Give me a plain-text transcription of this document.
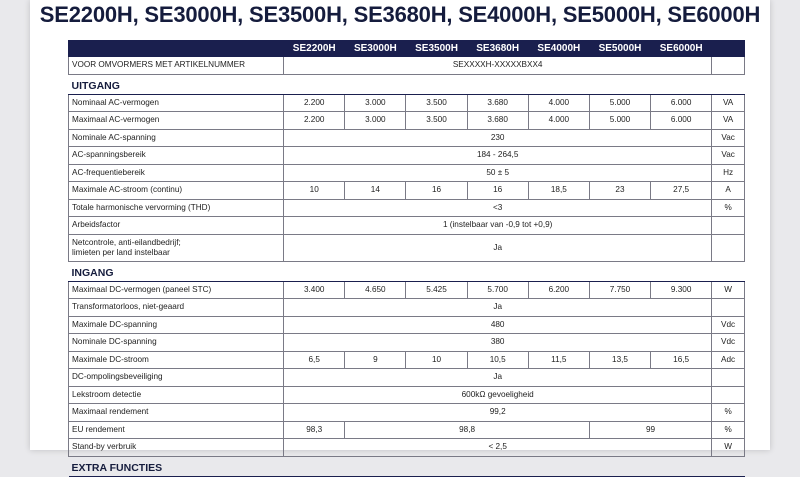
SE2200H, SE3000H, SE3500H, SE3680H, SE4000H, SE5000H, SE6000H
	SE2200H	SE3000H	SE3500H	SE3680H	SE4000H	SE5000H	SE6000H	
VOOR OMVORMERS MET ARTIKELNUMMER	SEXXXXH-XXXXXBXX4							
UITGANG								
Nominaal AC-vermogen	2.200	3.000	3.500	3.680	4.000	5.000	6.000	VA
Maximaal AC-vermogen	2.200	3.000	3.500	3.680	4.000	5.000	6.000	VA
Nominale AC-spanning	230							Vac
AC-spanningsbereik	184 - 264,5							Vac
AC-frequentiebereik	50 ± 5							Hz
Maximale AC-stroom (continu)	10	14	16	16	18,5	23	27,5	A
Totale harmonische vervorming (THD)	<3							%
Arbeidsfactor	1 (instelbaar van -0,9 tot +0,9)							
Netcontrole, anti-eilandbedrijf;
limieten per land instelbaar	Ja							
INGANG								
Maximaal DC-vermogen (paneel STC)	3.400	4.650	5.425	5.700	6.200	7.750	9.300	W
Transformatorloos, niet-geaard	Ja							
Maximale DC-spanning	480							Vdc
Nominale DC-spanning	380							Vdc
Maximale DC-stroom	6,5	9	10	10,5	11,5	13,5	16,5	Adc
DC-ompolingsbeveiliging	Ja							
Lekstroom detectie	600kΩ gevoeligheid							
Maximaal rendement	99,2							%
EU rendement	98,3	98,8				99		%
Stand-by verbruik	< 2,5							W
EXTRA FUNCTIES								
